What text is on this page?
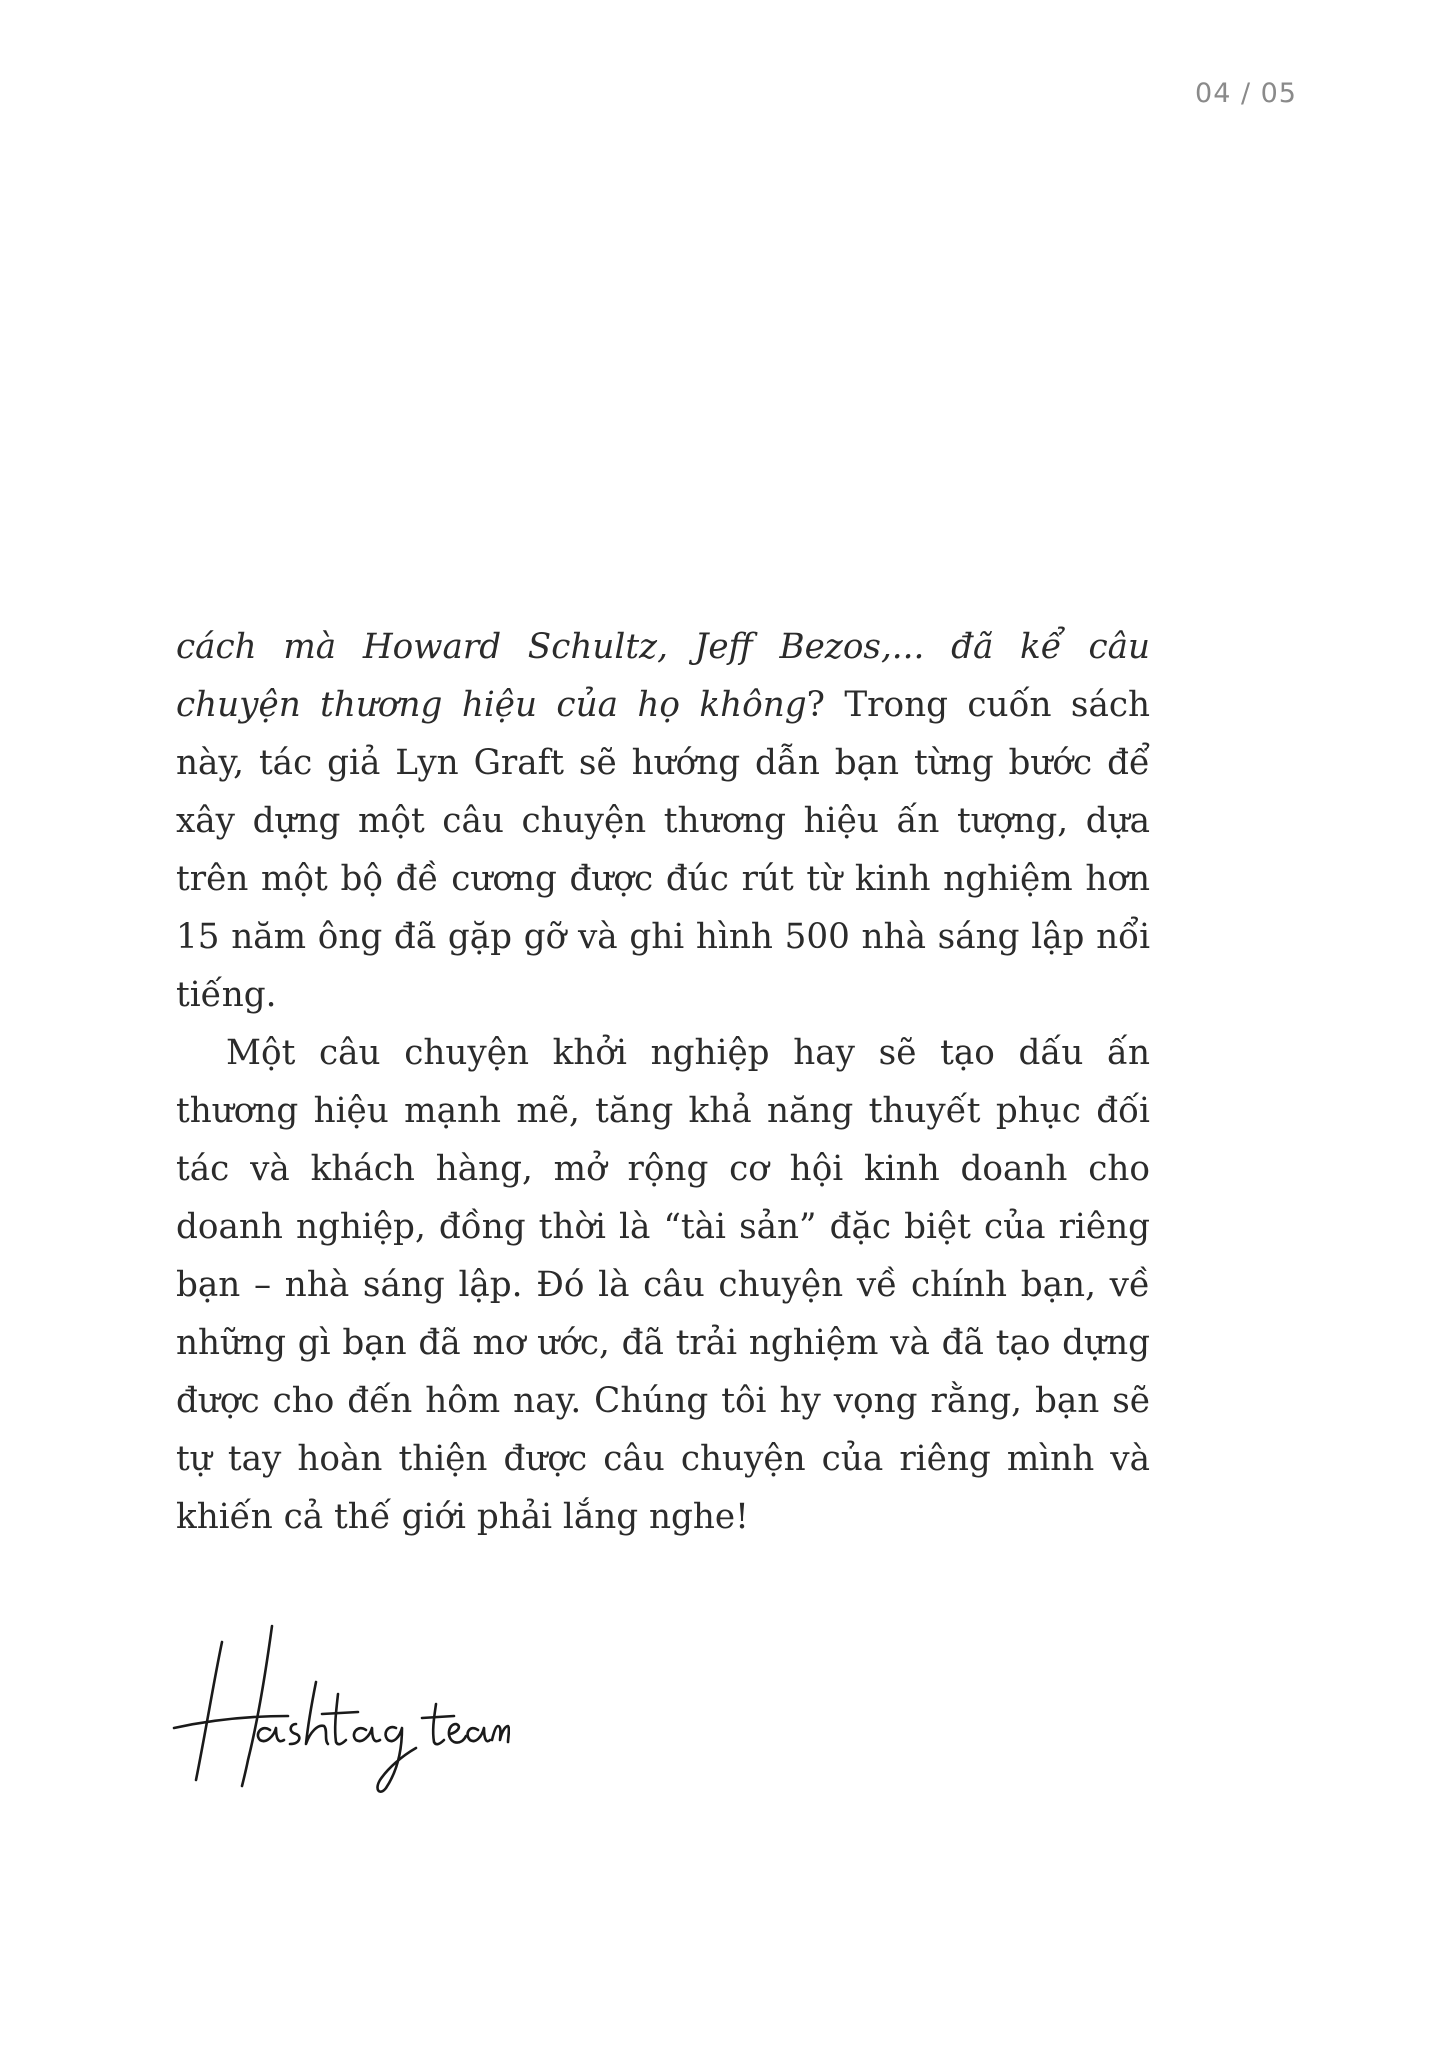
04 / 05

cách mà Howard Schultz, Jeff Bezos,... đã kể câu chuyện thương hiệu của họ không? Trong cuốn sách này, tác giả Lyn Graft sẽ hướng dẫn bạn từng bước để xây dựng một câu chuyện thương hiệu ấn tượng, dựa trên một bộ đề cương được đúc rút từ kinh nghiệm hơn 15 năm ông đã gặp gỡ và ghi hình 500 nhà sáng lập nổi tiếng.

Một câu chuyện khởi nghiệp hay sẽ tạo dấu ấn thương hiệu mạnh mẽ, tăng khả năng thuyết phục đối tác và khách hàng, mở rộng cơ hội kinh doanh cho doanh nghiệp, đồng thời là “tài sản” đặc biệt của riêng bạn – nhà sáng lập. Đó là câu chuyện về chính bạn, về những gì bạn đã mơ ước, đã trải nghiệm và đã tạo dựng được cho đến hôm nay. Chúng tôi hy vọng rằng, bạn sẽ tự tay hoàn thiện được câu chuyện của riêng mình và khiến cả thế giới phải lắng nghe!
